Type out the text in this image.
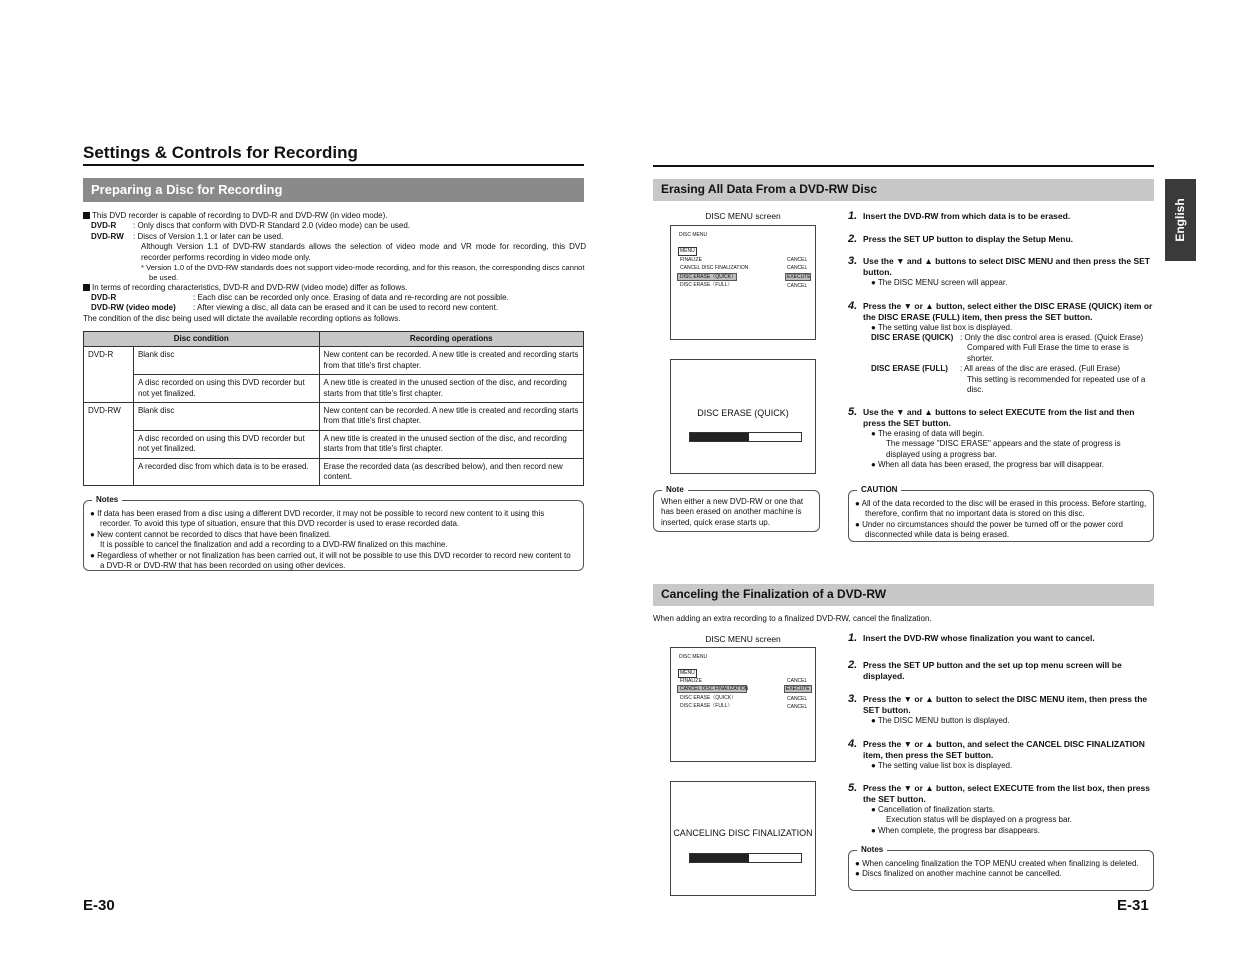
Settings & Controls for Recording
Preparing a Disc for Recording

This DVD recorder is capable of recording to DVD-R and DVD-RW (in video mode).

DVD-R : Only discs that conform with DVD-R Standard 2.0 (video mode) can be used.

DVD-RW : Discs of Version 1.1 or later can be used.

Although Version 1.1 of DVD-RW standards allows the selection of video mode and VR mode for recording, this DVD recorder performs recording in video mode only.

* Version 1.0 of the DVD-RW standards does not support video-mode recording, and for this reason, the corresponding discs cannot be used.

In terms of recording characteristics, DVD-R and DVD-RW (video mode) differ as follows.

DVD-R	: Each disc can be recorded only once. Erasing of data and re-recording are not possible.

DVD-RW (video mode) : After viewing a disc, all data can be erased and it can be used to record new content.

The condition of the disc being used will dictate the available recording options as follows.

Disc condition		Recording operations
DVD-R	Blank disc	New content can be recorded. A new title is created and recording starts from that title's first chapter.
	A disc recorded on using this DVD recorder but not yet finalized.	A new title is created in the unused section of the disc, and recording starts from that title's first chapter.
DVD-RW	Blank disc	New content can be recorded. A new title is created and recording starts from that title's first chapter.
	A disc recorded on using this DVD recorder but not yet finalized.	A new title is created in the unused section of the disc, and recording starts from that title's first chapter.
	A recorded disc from which data is to be erased.	Erase the recorded data (as described below), and then record new content.
Notes

● If data has been erased from a disc using a different DVD recorder, it may not be possible to record new content to it using this recorder. To avoid this type of situation, ensure that this DVD recorder is used to erase recorded data.

● New content cannot be recorded to discs that have been finalized.

It is possible to cancel the finalization and add a recording to a DVD-RW finalized on this machine.

● Regardless of whether or not finalization has been carried out, it will not be possible to use this DVD recorder to record new content to a DVD-R or DVD-RW that has been recorded on using other devices.

E-30
English
Erasing All Data From a DVD-RW Disc
DISC MENU screen
DISC MENU
MENU
FINALIZE
CANCEL DISC FINALIZATION
DISC ERASE（QUICK）
DISC ERASE（FULL）
CANCEL
CANCEL
EXECUTE
CANCEL
DISC ERASE (QUICK)
Note

When either a new DVD-RW or one that has been erased on another machine is inserted, quick erase starts up.

1. Insert the DVD-RW from which data is to be erased.

2. Press the SET UP button to display the Setup Menu.

3. Use the ▼ and ▲ buttons to select DISC MENU and then press the SET button.

● The DISC MENU screen will appear.

4. Press the ▼ or ▲ button, select either the DISC ERASE (QUICK) item or the DISC ERASE (FULL) item, then press the SET button.

● The setting value list box is displayed.

DISC ERASE (QUICK) : Only the disc control area is erased. (Quick Erase)

Compared with Full Erase the time to erase is shorter.

DISC ERASE (FULL)	: All areas of the disc are erased. (Full Erase)

This setting is recommended for repeated use of a disc.

5. Use the ▼ and ▲ buttons to select EXECUTE from the list and then press the SET button.

● The erasing of data will begin.

The message "DISC ERASE" appears and the state of progress is displayed using a progress bar.

● When all data has been erased, the progress bar will disappear.

CAUTION

● All of the data recorded to the disc will be erased in this process. Before starting, therefore, confirm that no important data is stored on this disc.

● Under no circumstances should the power be turned off or the power cord disconnected while data is being erased.

Canceling the Finalization of a DVD-RW
When adding an extra recording to a finalized DVD-RW, cancel the finalization.
DISC MENU screen
DISC MENU
MENU
FINALIZE
CANCEL DISC FINALIZATION
DISC ERASE（QUICK）
DISC ERASE（FULL）
CANCEL
EXECUTE
CANCEL
CANCEL
CANCELING DISC FINALIZATION
1. Insert the DVD-RW whose finalization you want to cancel.

2. Press the SET UP button and the set up top menu screen will be displayed.

3. Press the ▼ or ▲ button to select the DISC MENU item, then press the SET button.

● The DISC MENU button is displayed.

4. Press the ▼ or ▲ button, and select the CANCEL DISC FINALIZATION item, then press the SET button.

● The setting value list box is displayed.

5. Press the ▼ or ▲ button, select EXECUTE from the list box, then press the SET button.

● Cancellation of finalization starts.

Execution status will be displayed on a progress bar.

● When complete, the progress bar disappears.

Notes

● When canceling finalization the TOP MENU created when finalizing is deleted.

● Discs finalized on another machine cannot be cancelled.

E-31
